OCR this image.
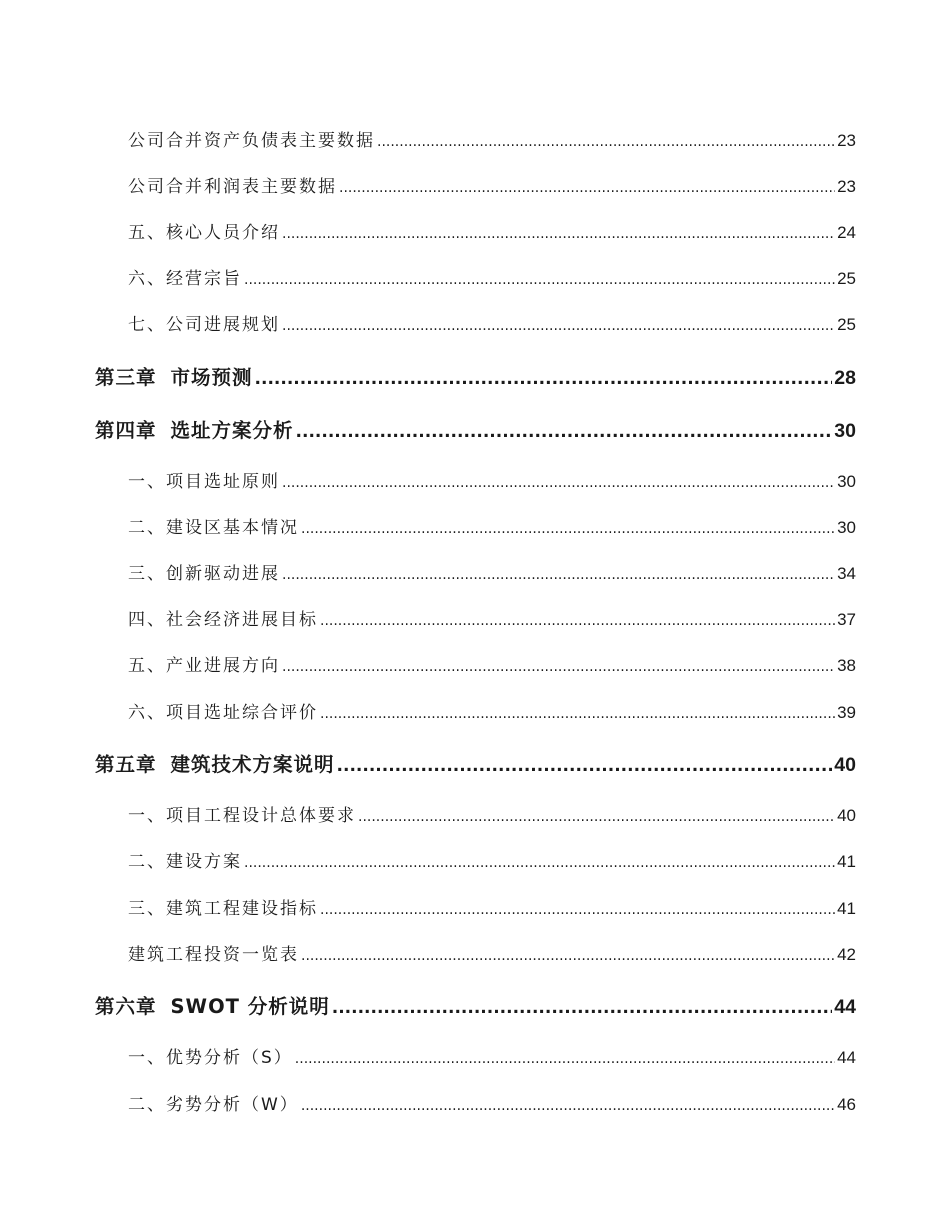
公司合并资产负债表主要数据 .....	23
公司合并利润表主要数据 .....	23
五、 核心人员介绍 .....	24
六、 经营宗旨 .....	25
七、 公司进展规划 .....	25
第三章 市场预测 .....	28
第四章 选址方案分析 .....	30
一、 项目选址原则 .....	30
二、 建设区基本情况 .....	30
三、 创新驱动进展 .....	34
四、 社会经济进展目标 .....	37
五、 产业进展方向 .....	38
六、 项目选址综合评价 .....	39
第五章 建筑技术方案说明 .....	40
一、 项目工程设计总体要求 .....	40
二、 建设方案 .....	41
三、 建筑工程建设指标 .....	41
建筑工程投资一览表 .....	42
第六章 SWOT 分析说明 .....	44
一、 优势分析（S） .....	44
二、 劣势分析（W） .....	46
